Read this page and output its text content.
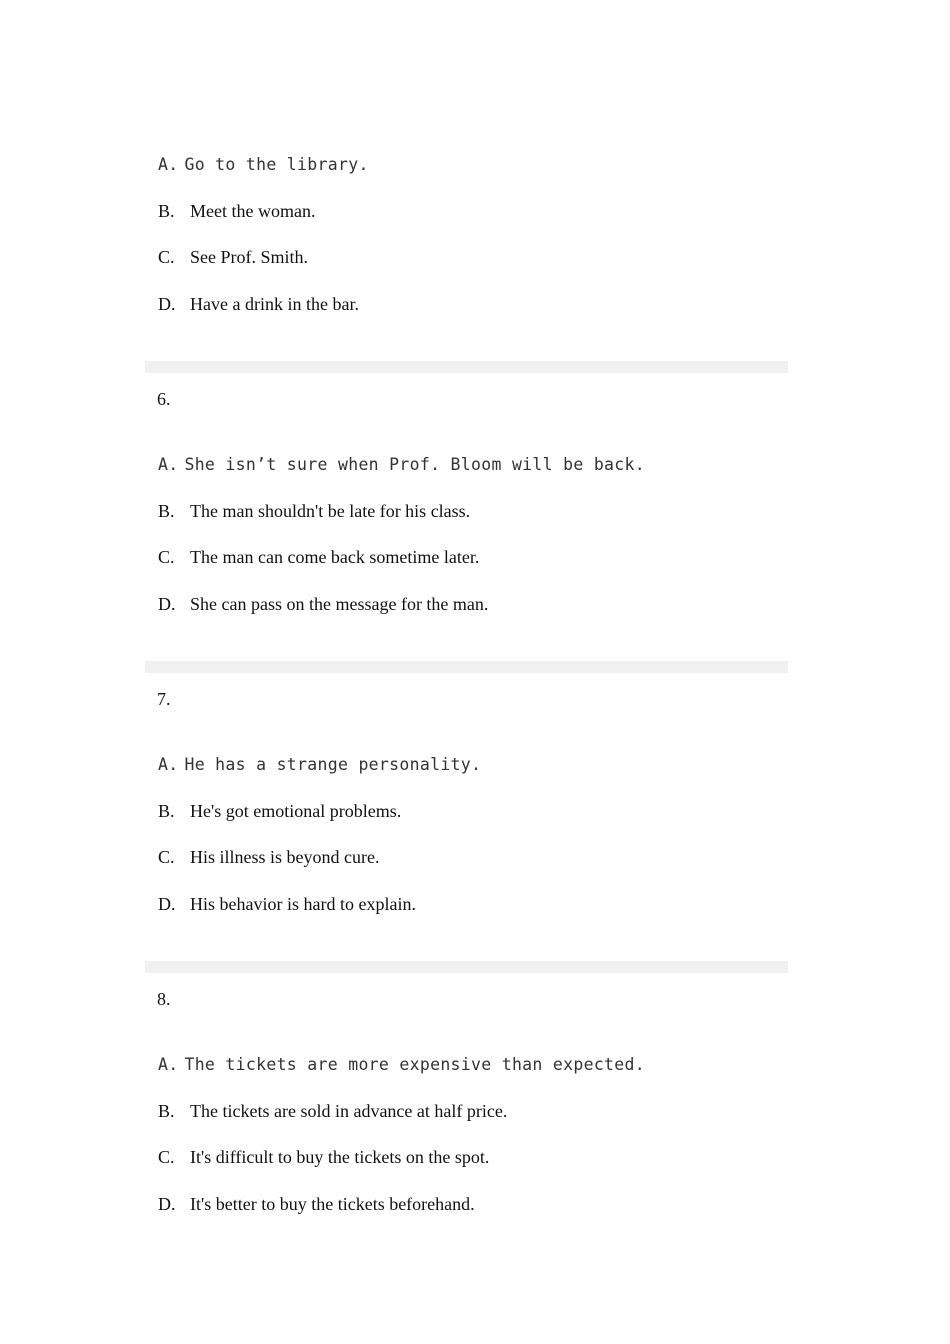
A. Go to the library.
B. Meet the woman.
C. See Prof. Smith.
D. Have a drink in the bar.
6.
A. She isn’t sure when Prof. Bloom will be back.
B. The man shouldn't be late for his class.
C. The man can come back sometime later.
D. She can pass on the message for the man.
7.
A. He has a strange personality.
B. He's got emotional problems.
C. His illness is beyond cure.
D. His behavior is hard to explain.
8.
A. The tickets are more expensive than expected.
B. The tickets are sold in advance at half price.
C. It's difficult to buy the tickets on the spot.
D. It's better to buy the tickets beforehand.
